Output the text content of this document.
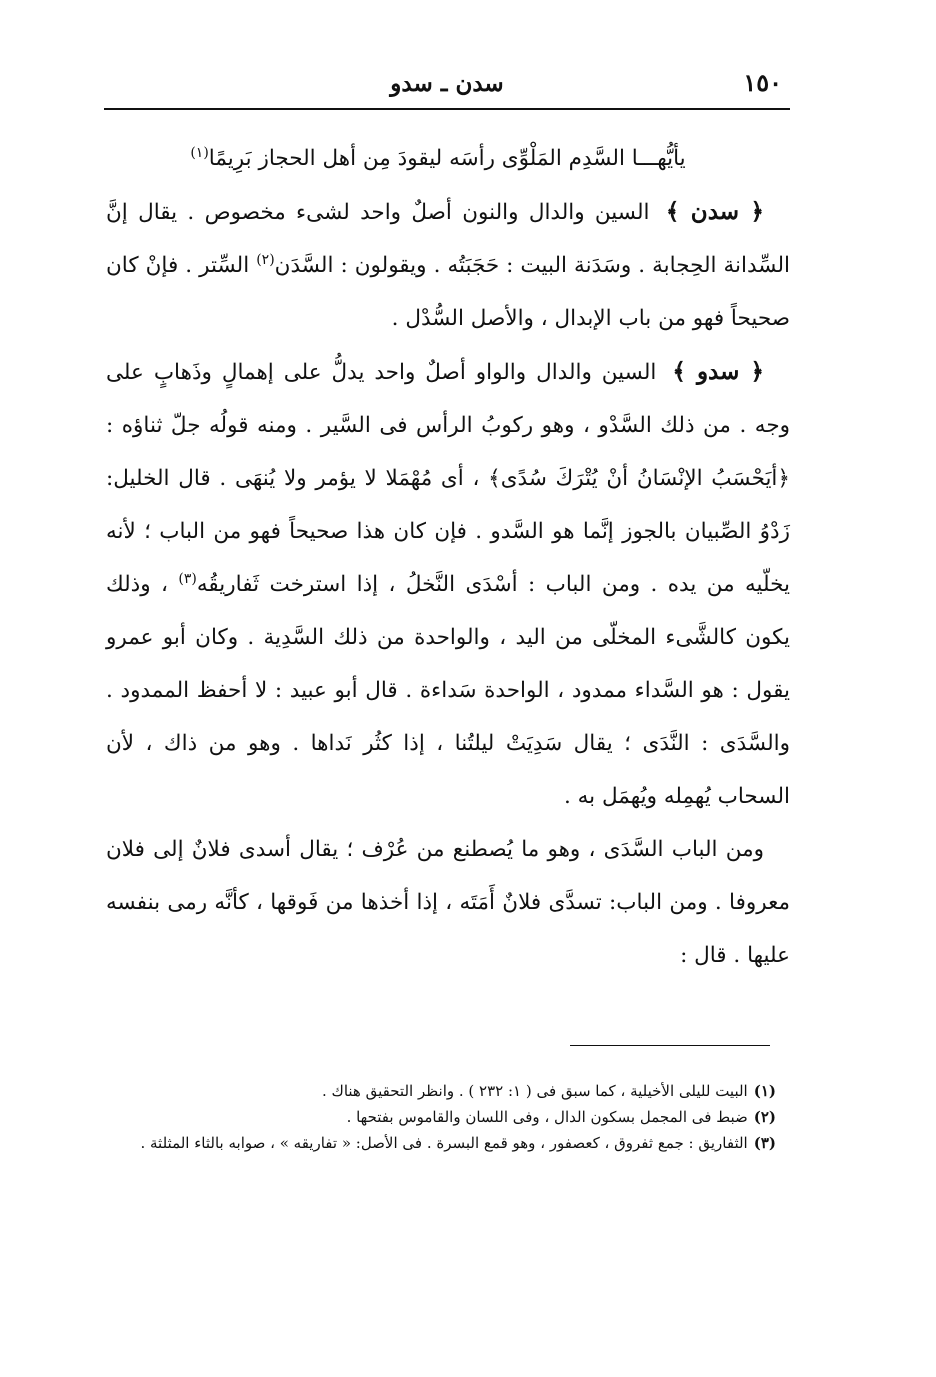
١٥٠
سدن ـ سدو

يأيُّهـــا السَّدِم المَلْوِّى رأسَه ليقودَ مِن أهل الحجاز بَرِيمًا$^{(١)}$

﴿ سدن ﴾ السين والدال والنون أصلٌ واحد لشىء مخصوص . يقال إنَّ السِّدانة الحِجابة . وسَدَنة البيت : حَجَبَتُه . ويقولون : السَّدَن$^{(٢)}$ السِّتر . فإنْ كان صحيحاً فهو من باب الإبدال ، والأصل السُّدْل .

﴿ سدو ﴾ السين والدال والواو أصلٌ واحد يدلُّ على إهمالٍ وذَهابٍ على وجه . من ذلك السَّدْو ، وهو ركوبُ الرأس فى السَّير . ومنه قولُه جلّ ثناؤه : ﴿أيَحْسَبُ الإنْسَانُ أنْ يُتْرَكَ سُدًى﴾ ، أى مُهْمَلا لا يؤمر ولا يُنهَى . قال الخليل: زَدْوُ الصِّبيان بالجوز إنَّما هو السَّدو . فإن كان هذا صحيحاً فهو من الباب ؛ لأنه يخلّيه من يده . ومن الباب : أسْدَى النَّخلُ ، إذا استرخت ثَفاريقُه$^{(٣)}$ ، وذلك يكون كالشَّىء المخلّى من اليد ، والواحدة من ذلك السَّدِية . وكان أبو عمرو يقول : هو السَّداء ممدود ، الواحدة سَداءة . قال أبو عبيد : لا أحفظ الممدود . والسَّدَى : النَّدَى ؛ يقال سَدِيَتْ ليلتُنا ، إذا كثُر نَداها . وهو من ذاك ، لأن السحاب يُهمِله ويُهمَل به .

ومن الباب السَّدَى ، وهو ما يُصطنع من عُرْف ؛ يقال أسدى فلانٌ إلى فلان معروفا . ومن الباب: تسدَّى فلانٌ أَمَتَه ، إذا أخذها من فَوقها ، كأنَّه رمى بنفسه عليها . قال :

(١)البيت لليلى الأخيلية ، كما سبق فى ( ١: ٢٣٢ ) . وانظر التحقيق هناك .

(٢)ضبط فى المجمل بسكون الدال ، وفى اللسان والقاموس بفتحها .

(٣)الثفاريق : جمع ثفروق ، كعصفور ، وهو قمع البسرة . فى الأصل: « تفاريقه » ، صوابه بالثاء المثلثة .
